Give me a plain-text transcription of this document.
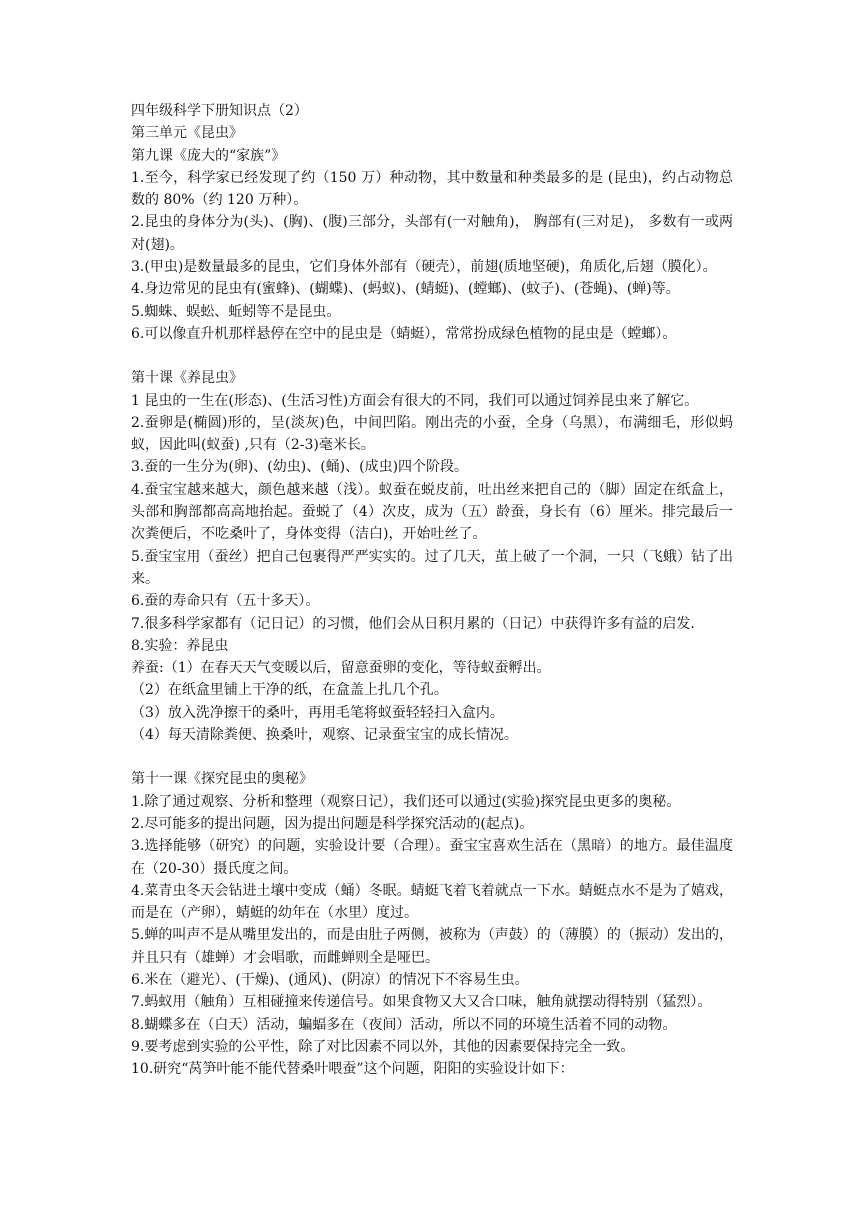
四年级科学下册知识点（2）

第三单元《昆虫》

第九课《庞大的“家族”》

1.至今，科学家已经发现了约（150 万）种动物，其中数量和种类最多的是 (昆虫)，约占动物总数的 80%（约 120 万种）。

2.昆虫的身体分为(头)、(胸)、(腹)三部分，头部有(一对触角)， 胸部有(三对足)， 多数有一或两对(翅)。

3.(甲虫)是数量最多的昆虫，它们身体外部有（硬壳），前翅(质地坚硬)，角质化,后翅（膜化）。

4.身边常见的昆虫有(蜜蜂)、(蝴蝶)、(蚂蚁)、(蜻蜓)、(螳螂)、(蚊子)、(苍蝇)、(蝉)等。

5.蜘蛛、蜈蚣、蚯蚓等不是昆虫。

6.可以像直升机那样悬停在空中的昆虫是（蜻蜓），常常扮成绿色植物的昆虫是（螳螂）。

第十课《养昆虫》

1 昆虫的一生在(形态)、(生活习性)方面会有很大的不同，我们可以通过饲养昆虫来了解它。

2.蚕卵是(椭圆)形的，呈(淡灰)色，中间凹陷。刚出壳的小蚕，全身（乌黑），布满细毛，形似蚂蚁，因此叫(蚁蚕) ,只有（2-3)毫米长。

3.蚕的一生分为(卵)、(幼虫)、(蛹)、(成虫)四个阶段。

4.蚕宝宝越来越大，颜色越来越（浅）。蚁蚕在蜕皮前，吐出丝来把自己的（脚）固定在纸盒上，头部和胸部都高高地抬起。蚕蜕了（4）次皮，成为（五）龄蚕，身长有（6）厘米。排完最后一次粪便后，不吃桑叶了，身体变得（洁白)，开始吐丝了。

5.蚕宝宝用（蚕丝）把自己包裹得严严实实的。过了几天，茧上破了一个洞，一只（飞蛾）钻了出来。

6.蚕的寿命只有（五十多天）。

7.很多科学家都有（记日记）的习惯，他们会从日积月累的（日记）中获得许多有益的启发.

8.实验：养昆虫

养蚕:（1）在春天天气变暖以后，留意蚕卵的变化，等待蚁蚕孵出。

（2）在纸盒里铺上干净的纸，在盒盖上扎几个孔。

（3）放入洗净擦干的桑叶，再用毛笔将蚁蚕轻轻扫入盒内。

（4）每天清除粪便、换桑叶，观察、记录蚕宝宝的成长情况。

第十一课《探究昆虫的奥秘》

1.除了通过观察、分析和整理（观察日记），我们还可以通过(实验)探究昆虫更多的奥秘。

2.尽可能多的提出问题，因为提出问题是科学探究活动的(起点)。

3.选择能够（研究）的问题，实验设计要（合理）。蚕宝宝喜欢生活在（黑暗）的地方。最佳温度在（20-30）摄氏度之间。

4.菜青虫冬天会钻进土壤中变成（蛹）冬眠。蜻蜓飞着飞着就点一下水。蜻蜓点水不是为了嬉戏，而是在（产卵），蜻蜓的幼年在（水里）度过。

5.蝉的叫声不是从嘴里发出的，而是由肚子两侧，被称为（声鼓）的（薄膜）的（振动）发出的，并且只有（雄蝉）才会唱歌，而雌蝉则全是哑巴。

6.米在（避光）、(干燥)、(通风)、(阴凉）的情况下不容易生虫。

7.蚂蚁用（触角）互相碰撞来传递信号。如果食物又大又合口味，触角就摆动得特别（猛烈）。

8.蝴蝶多在（白天）活动，蝙蝠多在（夜间）活动，所以不同的环境生活着不同的动物。

9.要考虑到实验的公平性，除了对比因素不同以外，其他的因素要保持完全一致。

10.研究“莴笋叶能不能代替桑叶喂蚕”这个问题，阳阳的实验设计如下：
